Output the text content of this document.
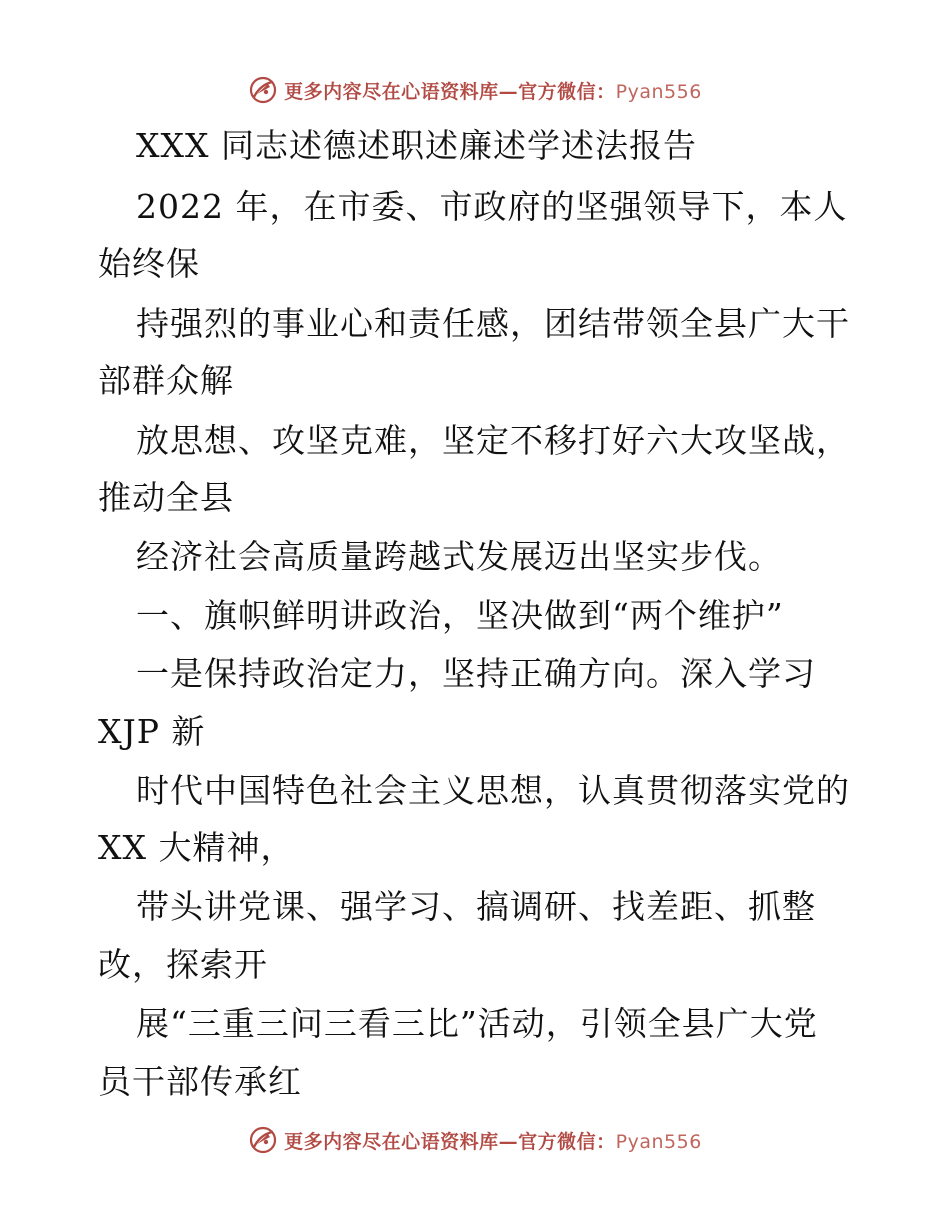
更多内容尽在心语资料库—官方微信：Pyan556
XXX 同志述德述职述廉述学述法报告
2022 年，在市委、市政府的坚强领导下，本人
始终保
持强烈的事业心和责任感，团结带领全县广大干
部群众解
放思想、攻坚克难，坚定不移打好六大攻坚战，
推动全县
经济社会高质量跨越式发展迈出坚实步伐。
一、旗帜鲜明讲政治，坚决做到“两个维护”
一是保持政治定力，坚持正确方向。深入学习
XJP 新
时代中国特色社会主义思想，认真贯彻落实党的
XX 大精神，
带头讲党课、强学习、搞调研、找差距、抓整
改，探索开
展“三重三问三看三比”活动，引领全县广大党
员干部传承红
更多内容尽在心语资料库—官方微信：Pyan556
